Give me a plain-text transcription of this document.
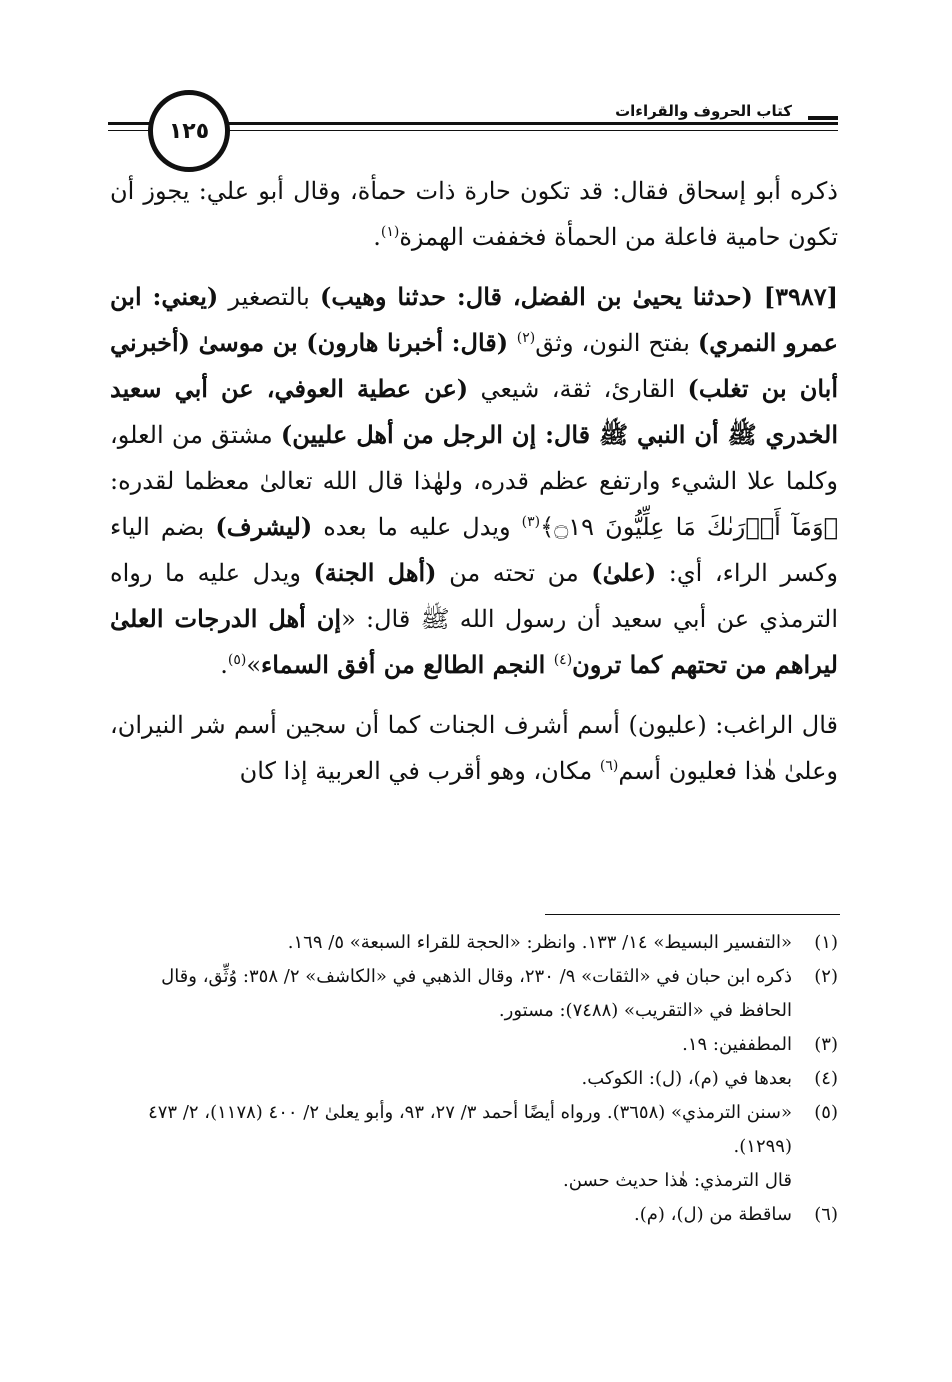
كتاب الحروف والقراءات
١٢٥

ذكره أبو إسحاق فقال: قد تكون حارة ذات حمأة، وقال أبو علي: يجوز أن تكون حامية فاعلة من الحمأة فخففت الهمزة$^{(١)}$.

[٣٩٨٧] (حدثنا يحيىٰ بن الفضل، قال: حدثنا وهيب) بالتصغير (يعني: ابن عمرو النمري) بفتح النون، وثق$^{(٢)}$ (قال: أخبرنا هارون) بن موسىٰ (أخبرني أبان بن تغلب) القارئ، ثقة، شيعي (عن عطية العوفي، عن أبي سعيد الخدري ﷺ أن النبي ﷺ قال: إن الرجل من أهل عليين) مشتق من العلو، وكلما علا الشيء وارتفع عظم قدره، ولهٰذا قال الله تعالىٰ معظما لقدره: ﴿وَمَآ أَدۡرَىٰكَ مَا عِلِّيُّونَ ۝١٩﴾$^{(٣)}$ ويدل عليه ما بعده (ليشرف) بضم الياء وكسر الراء، أي: (علىٰ) من تحته من (أهل الجنة) ويدل عليه ما رواه الترمذي عن أبي سعيد أن رسول الله ﷺ قال: «إن أهل الدرجات العلىٰ ليراهم من تحتهم كما ترون$^{(٤)}$ النجم الطالع من أفق السماء»$^{(٥)}$.

قال الراغب: (عليون) أسم أشرف الجنات كما أن سجين أسم شر النيران، وعلىٰ هٰذا فعليون أسم$^{(٦)}$ مكان، وهو أقرب في العربية إذا كان

(١)
«التفسير البسيط» ١٤/ ١٣٣. وانظر: «الحجة للقراء السبعة» ٥/ ١٦٩.
(٢)
ذكره ابن حبان في «الثقات» ٩/ ٢٣٠، وقال الذهبي في «الكاشف» ٢/ ٣٥٨: وُثِّق، وقال الحافظ في «التقريب» (٧٤٨٨): مستور.
(٣)
المطففين: ١٩.
(٤)
بعدها في (م)، (ل): الكوكب.
(٥)
«سنن الترمذي» (٣٦٥٨). ورواه أيضًا أحمد ٣/ ٢٧، ٩٣، وأبو يعلىٰ ٢/ ٤٠٠ (١١٧٨)، ٢/ ٤٧٣ (١٢٩٩).
قال الترمذي: هٰذا حديث حسن.
(٦)
ساقطة من (ل)، (م).
